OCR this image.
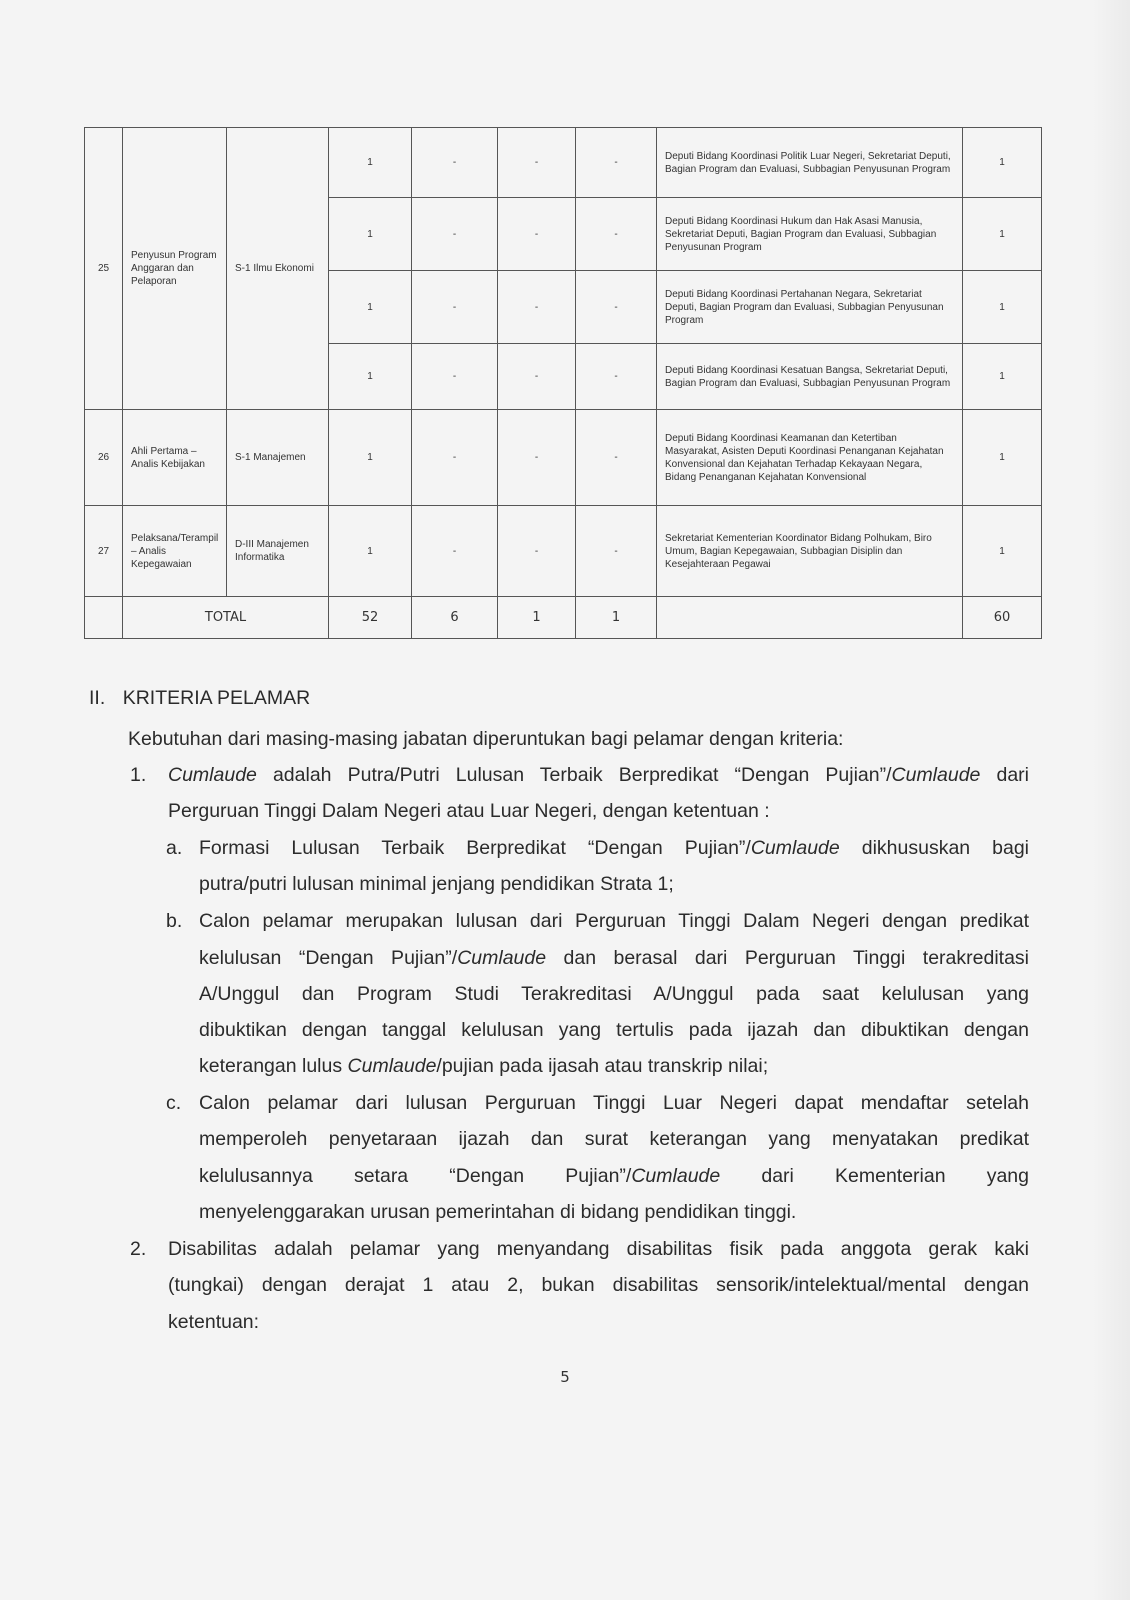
25	Penyusun Program Anggaran dan Pelaporan	S-1 Ilmu Ekonomi	1	-	-	-	Deputi Bidang Koordinasi Politik Luar Negeri, Sekretariat Deputi, Bagian Program dan Evaluasi, Subbagian Penyusunan Program	1
			1	-	-	-	Deputi Bidang Koordinasi Hukum dan Hak Asasi Manusia, Sekretariat Deputi, Bagian Program dan Evaluasi, Subbagian Penyusunan Program	1
			1	-	-	-	Deputi Bidang Koordinasi Pertahanan Negara, Sekretariat Deputi, Bagian Program dan Evaluasi, Subbagian Penyusunan Program	1
			1	-	-	-	Deputi Bidang Koordinasi Kesatuan Bangsa, Sekretariat Deputi, Bagian Program dan Evaluasi, Subbagian Penyusunan Program	1
26	Ahli Pertama – Analis Kebijakan	S-1 Manajemen	1	-	-	-	Deputi Bidang Koordinasi Keamanan dan Ketertiban Masyarakat, Asisten Deputi Koordinasi Penanganan Kejahatan Konvensional dan Kejahatan Terhadap Kekayaan Negara, Bidang Penanganan Kejahatan Konvensional	1
27	Pelaksana/Terampil – Analis Kepegawaian	D-III Manajemen Informatika	1	-	-	-	Sekretariat Kementerian Koordinator Bidang Polhukam, Biro Umum, Bagian Kepegawaian, Subbagian Disiplin dan Kesejahteraan Pegawai	1
	TOTAL		52	6	1	1		60
II. KRITERIA PELAMAR
Kebutuhan dari masing-masing jabatan diperuntukan bagi pelamar dengan kriteria:
1. Cumlaude adalah Putra/Putri Lulusan Terbaik Berpredikat “Dengan Pujian”/Cumlaude dari
Perguruan Tinggi Dalam Negeri atau Luar Negeri, dengan ketentuan :
a. Formasi Lulusan Terbaik Berpredikat “Dengan Pujian”/Cumlaude dikhususkan bagi
putra/putri lulusan minimal jenjang pendidikan Strata 1;
b. Calon pelamar merupakan lulusan dari Perguruan Tinggi Dalam Negeri dengan predikat
kelulusan “Dengan Pujian”/Cumlaude dan berasal dari Perguruan Tinggi terakreditasi
A/Unggul dan Program Studi Terakreditasi A/Unggul pada saat kelulusan yang
dibuktikan dengan tanggal kelulusan yang tertulis pada ijazah dan dibuktikan dengan
keterangan lulus Cumlaude/pujian pada ijasah atau transkrip nilai;
c. Calon pelamar dari lulusan Perguruan Tinggi Luar Negeri dapat mendaftar setelah
memperoleh penyetaraan ijazah dan surat keterangan yang menyatakan predikat
kelulusannya setara “Dengan Pujian”/Cumlaude dari Kementerian yang
menyelenggarakan urusan pemerintahan di bidang pendidikan tinggi.
2. Disabilitas adalah pelamar yang menyandang disabilitas fisik pada anggota gerak kaki
(tungkai) dengan derajat 1 atau 2, bukan disabilitas sensorik/intelektual/mental dengan
ketentuan:
5
